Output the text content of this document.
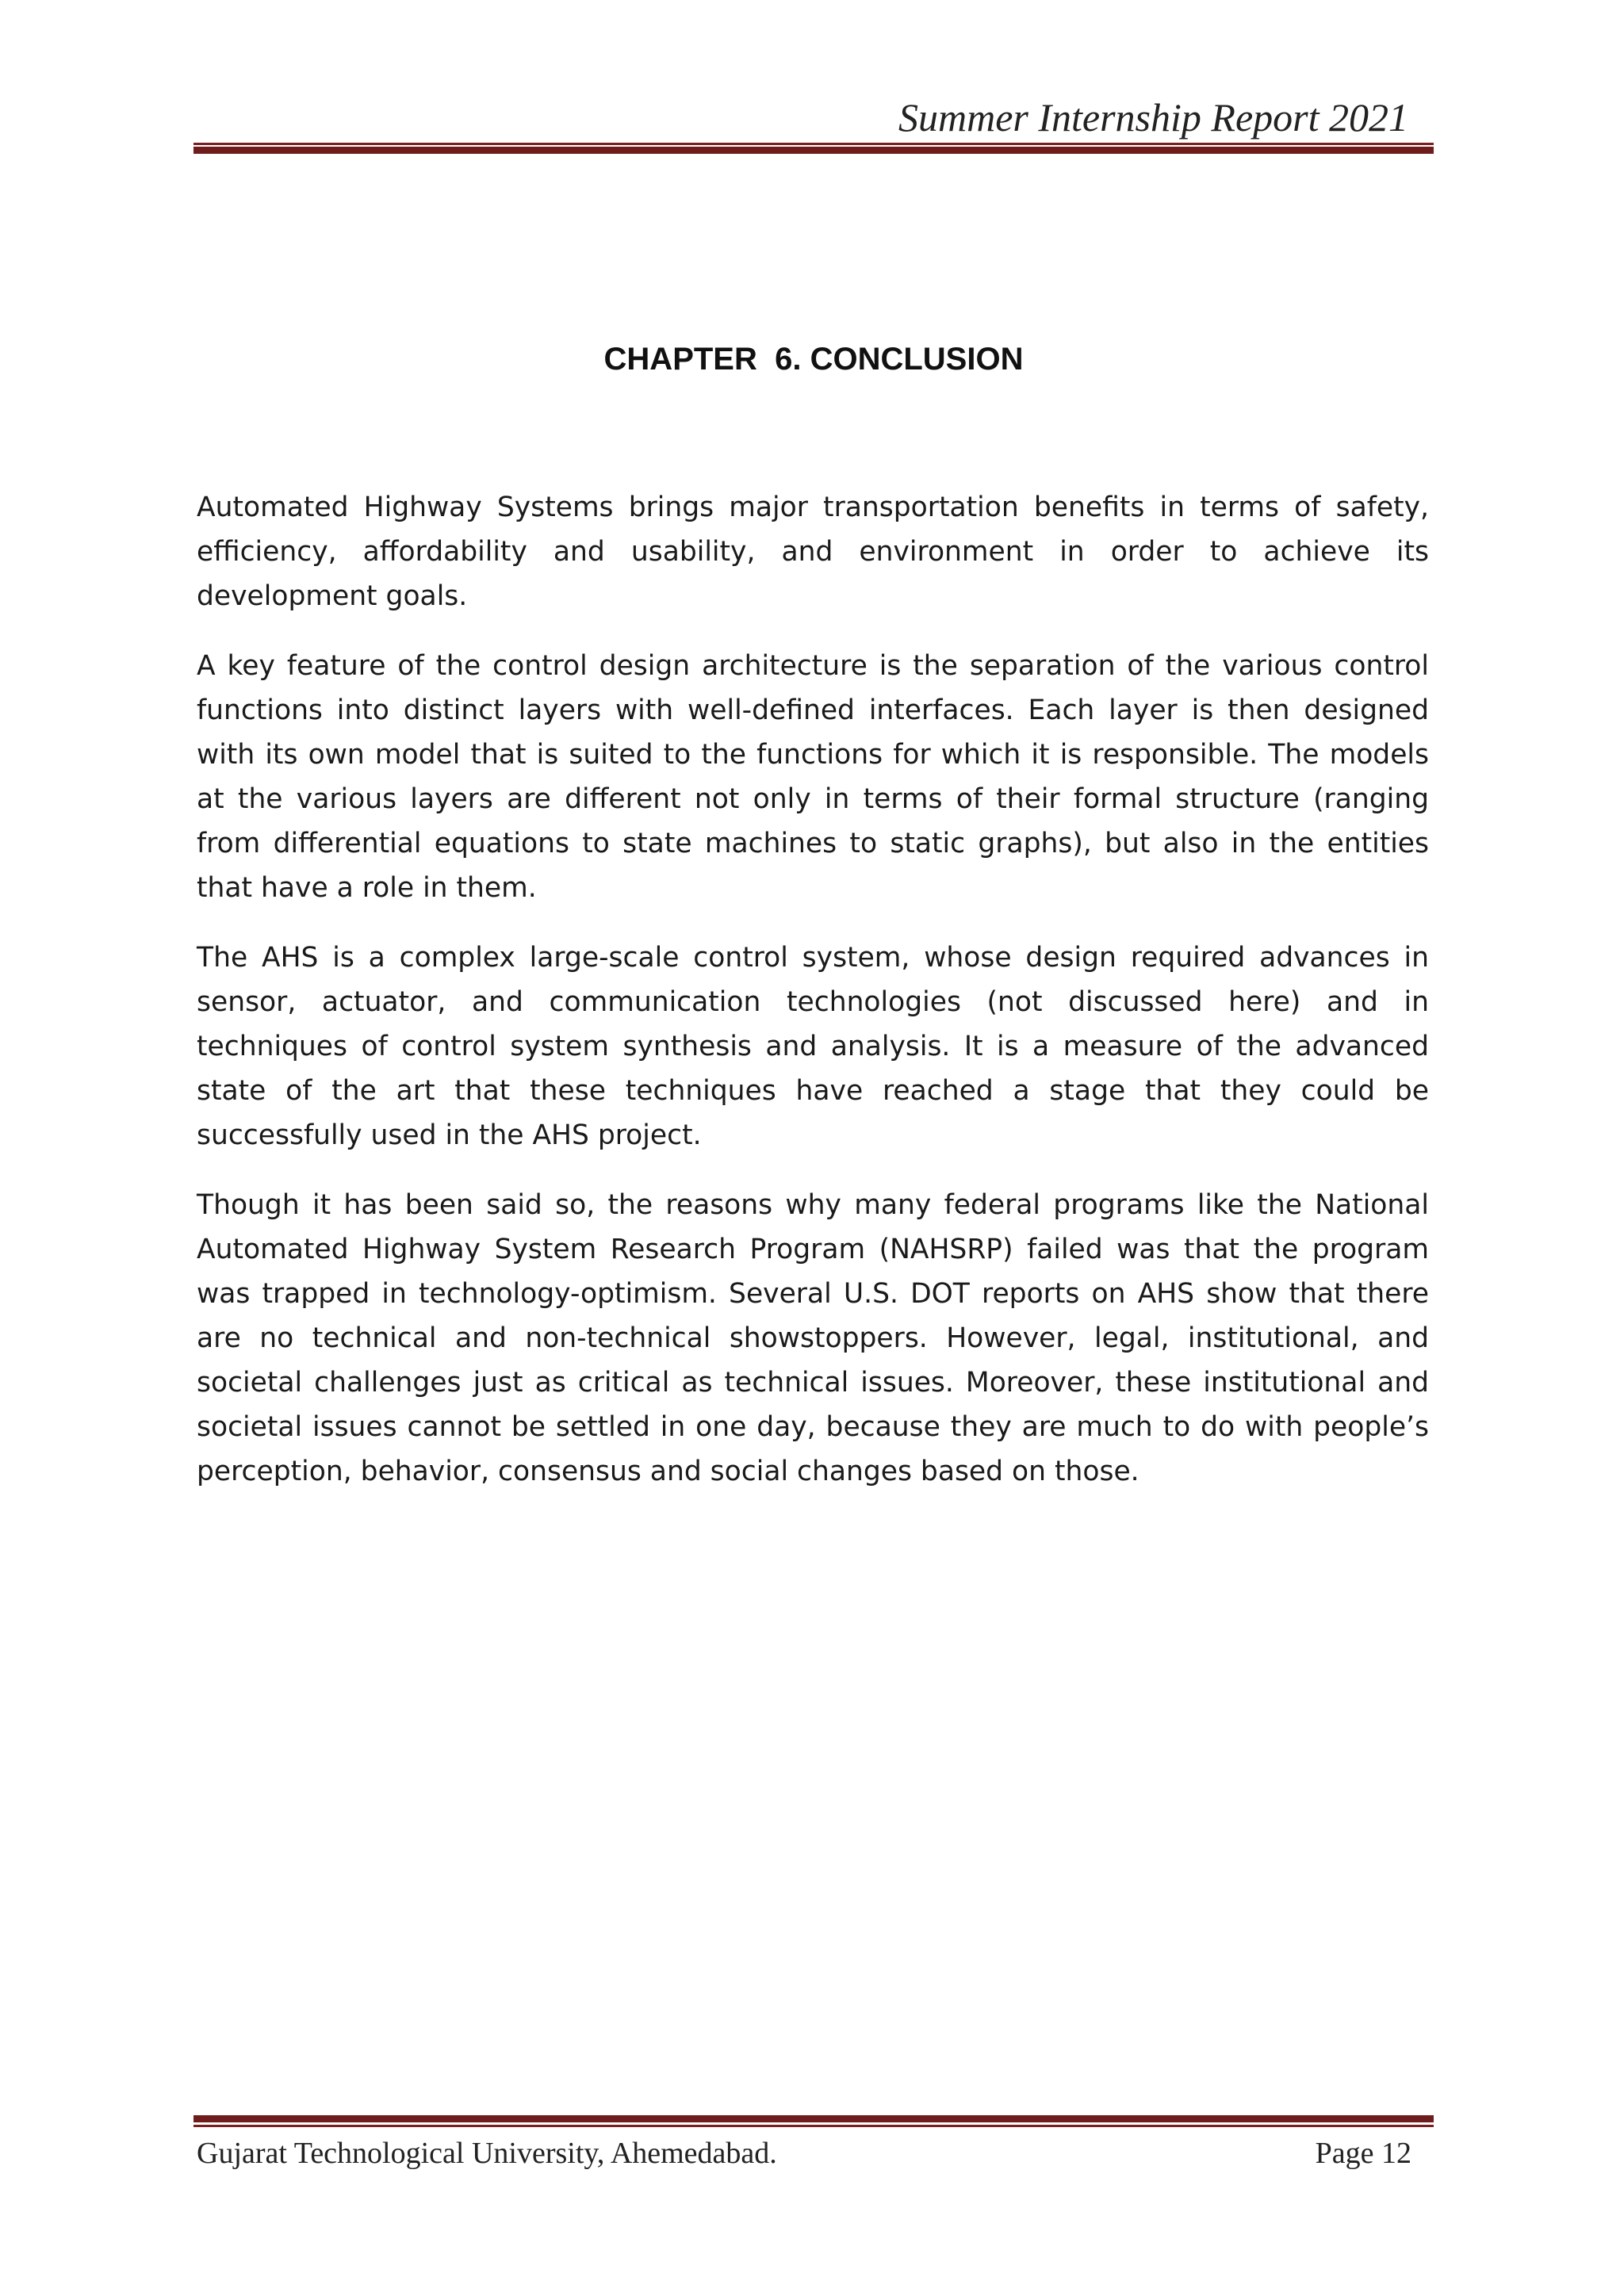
Summer Internship Report 2021
CHAPTER  6. CONCLUSION

Automated Highway Systems brings major transportation benefits in terms of safety, efficiency, affordability and usability, and environment in order to achieve its development goals.

A key feature of the control design architecture is the separation of the various control functions into distinct layers with well-defined interfaces. Each layer is then designed with its own model that is suited to the functions for which it is responsible. The models at the various layers are different not only in terms of their formal structure (ranging from differential equations to state machines to static graphs), but also in the entities that have a role in them.

The AHS is a complex large-scale control system, whose design required advances in sensor, actuator, and communication technologies (not discussed here) and in techniques of control system synthesis and analysis. It is a measure of the advanced state of the art that these techniques have reached a stage that they could be successfully used in the AHS project.

Though it has been said so, the reasons why many federal programs like the National Automated Highway System Research Program (NAHSRP) failed was that the program was trapped in technology-optimism. Several U.S. DOT reports on AHS show that there are no technical and non-technical showstoppers. However, legal, institutional, and societal challenges just as critical as technical issues. Moreover, these institutional and societal issues cannot be settled in one day, because they are much to do with people’s perception, behavior, consensus and social changes based on those.

Gujarat Technological University, Ahemedabad.	Page 12
